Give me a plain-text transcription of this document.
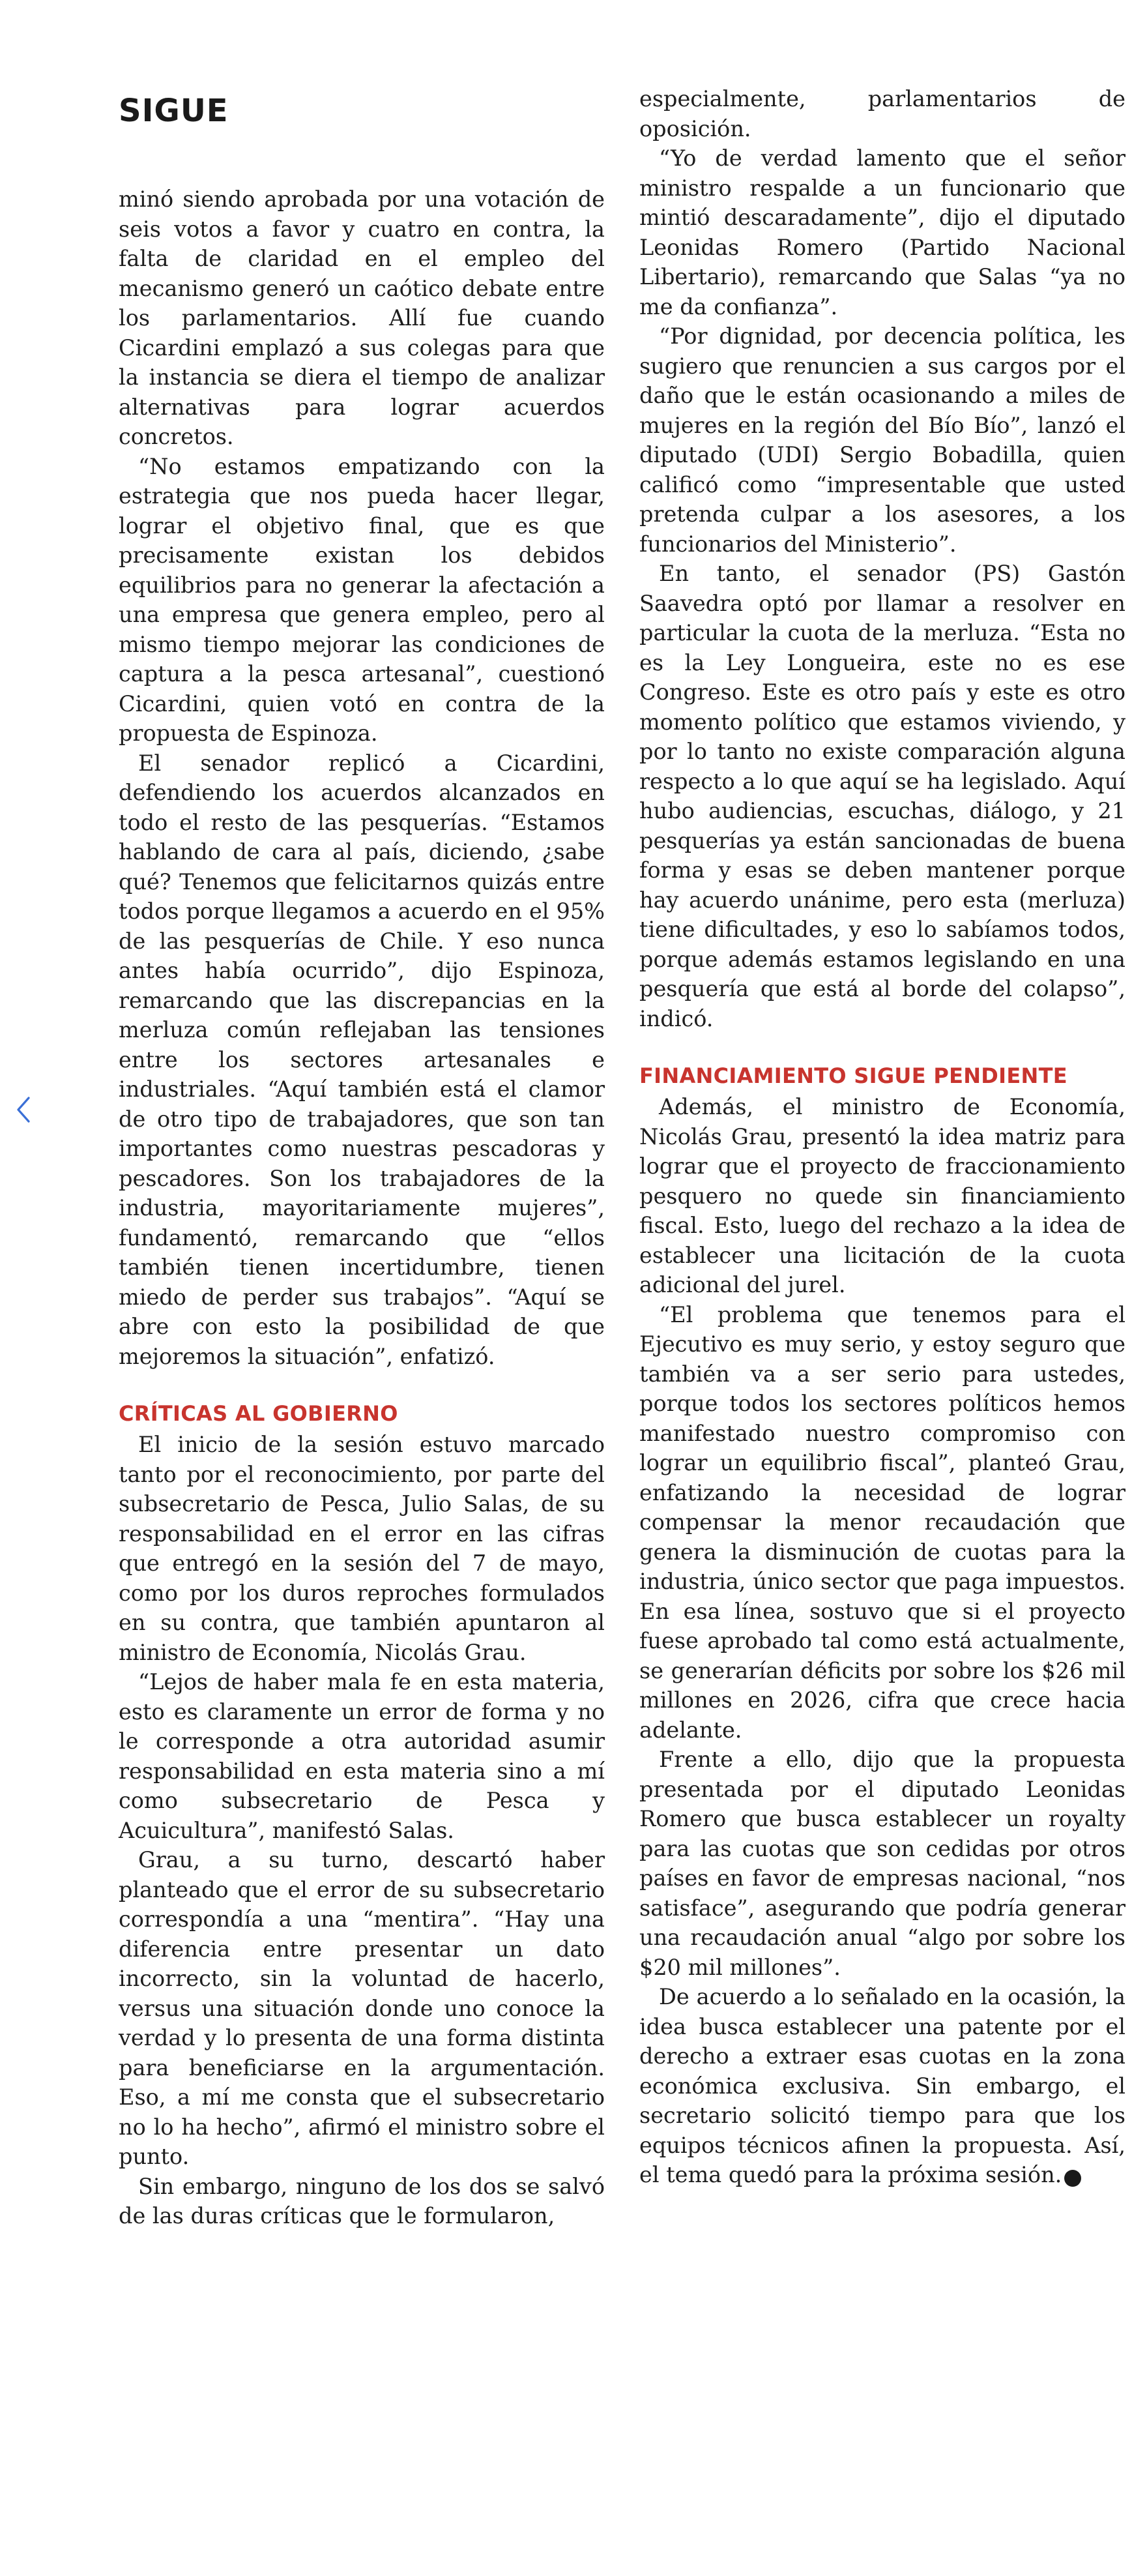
SIGUE

minó siendo aprobada por una votación de seis votos a favor y cuatro en contra, la falta de claridad en el empleo del mecanismo generó un caótico debate entre los parlamentarios. Allí fue cuando Cicardini emplazó a sus colegas para que la instancia se diera el tiempo de analizar alternativas para lograr acuerdos concretos.

“No estamos empatizando con la estrategia que nos pueda hacer llegar, lograr el objetivo final, que es que precisamente existan los debidos equilibrios para no generar la afectación a una empresa que genera empleo, pero al mismo tiempo mejorar las condiciones de captura a la pesca artesanal”, cuestionó Cicardini, quien votó en contra de la propuesta de Espinoza.

El senador replicó a Cicardini, defendiendo los acuerdos alcanzados en todo el resto de las pesquerías. “Estamos hablando de cara al país, diciendo, ¿sabe qué? Tenemos que felicitarnos quizás entre todos porque llegamos a acuerdo en el 95% de las pesquerías de Chile. Y eso nunca antes había ocurrido”, dijo Espinoza, remarcando que las discrepancias en la merluza común reflejaban las tensiones entre los sectores artesanales e industriales. “Aquí también está el clamor de otro tipo de trabajadores, que son tan importantes como nuestras pescadoras y pescadores. Son los trabajadores de la industria, mayoritariamente mujeres”, fundamentó, remarcando que “ellos también tienen incertidumbre, tienen miedo de perder sus trabajos”. “Aquí se abre con esto la posibilidad de que mejoremos la situación”, enfatizó.

CRÍTICAS AL GOBIERNO

El inicio de la sesión estuvo marcado tanto por el reconocimiento, por parte del subsecretario de Pesca, Julio Salas, de su responsabilidad en el error en las cifras que entregó en la sesión del 7 de mayo, como por los duros reproches formulados en su contra, que también apuntaron al ministro de Economía, Nicolás Grau.

“Lejos de haber mala fe en esta materia, esto es claramente un error de forma y no le corresponde a otra autoridad asumir responsabilidad en esta materia sino a mí como subsecretario de Pesca y Acuicultura”, manifestó Salas.

Grau, a su turno, descartó haber planteado que el error de su subsecretario correspondía a una “mentira”. “Hay una diferencia entre presentar un dato incorrecto, sin la voluntad de hacerlo, versus una situación donde uno conoce la verdad y lo presenta de una forma distinta para beneficiarse en la argumentación. Eso, a mí me consta que el subsecretario no lo ha hecho”, afirmó el ministro sobre el punto.

Sin embargo, ninguno de los dos se salvó de las duras críticas que le formularon,

especialmente, parlamentarios de oposición.

“Yo de verdad lamento que el señor ministro respalde a un funcionario que mintió descaradamente”, dijo el diputado Leonidas Romero (Partido Nacional Libertario), remarcando que Salas “ya no me da confianza”.

“Por dignidad, por decencia política, les sugiero que renuncien a sus cargos por el daño que le están ocasionando a miles de mujeres en la región del Bío Bío”, lanzó el diputado (UDI) Sergio Bobadilla, quien calificó como “impresentable que usted pretenda culpar a los asesores, a los funcionarios del Ministerio”.

En tanto, el senador (PS) Gastón Saavedra optó por llamar a resolver en particular la cuota de la merluza. “Esta no es la Ley Longueira, este no es ese Congreso. Este es otro país y este es otro momento político que estamos viviendo, y por lo tanto no existe comparación alguna respecto a lo que aquí se ha legislado. Aquí hubo audiencias, escuchas, diálogo, y 21 pesquerías ya están sancionadas de buena forma y esas se deben mantener porque hay acuerdo unánime, pero esta (merluza) tiene dificultades, y eso lo sabíamos todos, porque además estamos legislando en una pesquería que está al borde del colapso”, indicó.

FINANCIAMIENTO SIGUE PENDIENTE

Además, el ministro de Economía, Nicolás Grau, presentó la idea matriz para lograr que el proyecto de fraccionamiento pesquero no quede sin financiamiento fiscal. Esto, luego del rechazo a la idea de establecer una licitación de la cuota adicional del jurel.

“El problema que tenemos para el Ejecutivo es muy serio, y estoy seguro que también va a ser serio para ustedes, porque todos los sectores políticos hemos manifestado nuestro compromiso con lograr un equilibrio fiscal”, planteó Grau, enfatizando la necesidad de lograr compensar la menor recaudación que genera la disminución de cuotas para la industria, único sector que paga impuestos. En esa línea, sostuvo que si el proyecto fuese aprobado tal como está actualmente, se generarían déficits por sobre los $26 mil millones en 2026, cifra que crece hacia adelante.

Frente a ello, dijo que la propuesta presentada por el diputado Leonidas Romero que busca establecer un royalty para las cuotas que son cedidas por otros países en favor de empresas nacional, “nos satisface”, asegurando que podría generar una recaudación anual “algo por sobre los $20 mil millones”.

De acuerdo a lo señalado en la ocasión, la idea busca establecer una patente por el derecho a extraer esas cuotas en la zona económica exclusiva. Sin embargo, el secretario solicitó tiempo para que los equipos técnicos afinen la propuesta. Así, el tema quedó para la próxima sesión. P
